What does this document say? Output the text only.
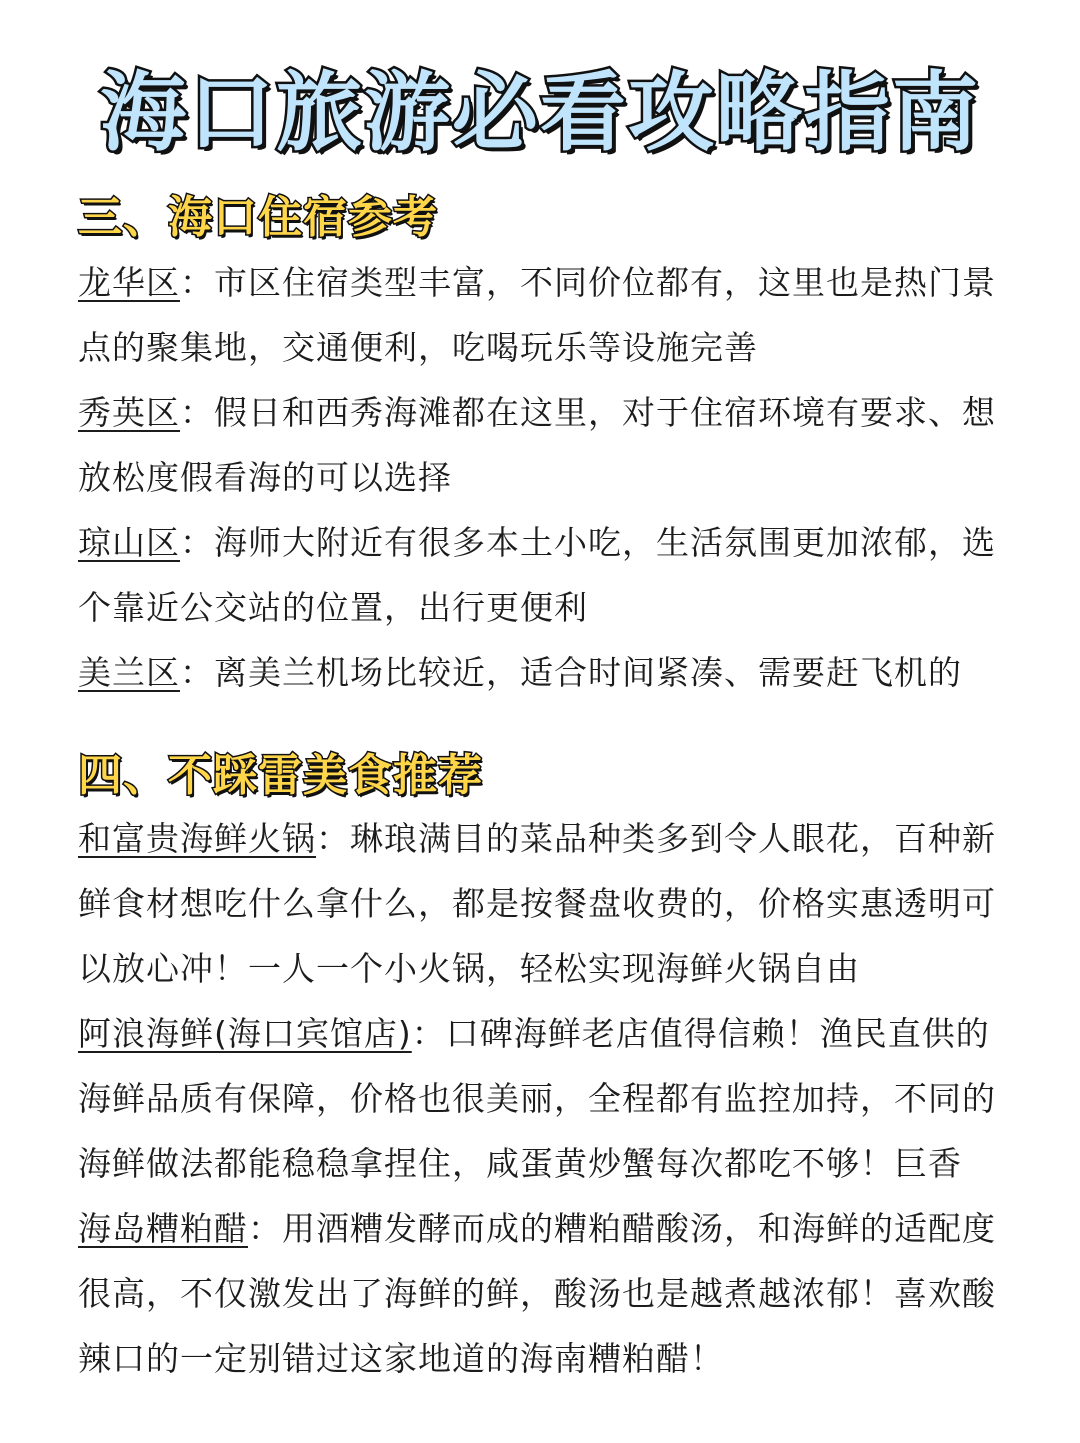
海口旅游必看攻略指南
三、海口住宿参考

龙华区：市区住宿类型丰富，不同价位都有，这里也是热门景点的聚集地，交通便利，吃喝玩乐等设施完善

秀英区：假日和西秀海滩都在这里，对于住宿环境有要求、想放松度假看海的可以选择

琼山区：海师大附近有很多本土小吃，生活氛围更加浓郁，选个靠近公交站的位置，出行更便利

美兰区：离美兰机场比较近，适合时间紧凑、需要赶飞机的

四、不踩雷美食推荐

和富贵海鲜火锅：琳琅满目的菜品种类多到令人眼花，百种新鲜食材想吃什么拿什么，都是按餐盘收费的，价格实惠透明可以放心冲！一人一个小火锅，轻松实现海鲜火锅自由

阿浪海鲜(海口宾馆店)：口碑海鲜老店值得信赖！渔民直供的海鲜品质有保障，价格也很美丽，全程都有监控加持，不同的海鲜做法都能稳稳拿捏住，咸蛋黄炒蟹每次都吃不够！巨香

海岛糟粕醋：用酒糟发酵而成的糟粕醋酸汤，和海鲜的适配度很高，不仅激发出了海鲜的鲜，酸汤也是越煮越浓郁！喜欢酸辣口的一定别错过这家地道的海南糟粕醋！
